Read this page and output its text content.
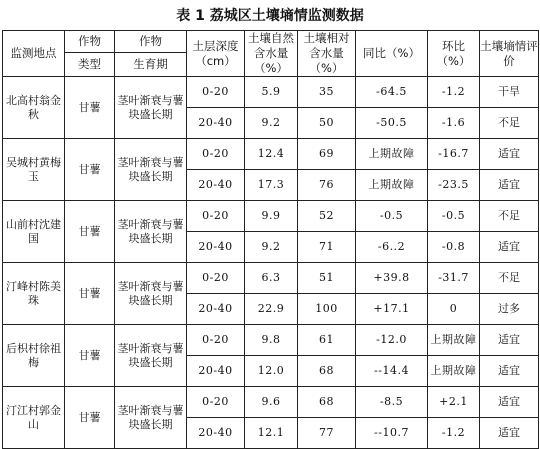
表 1 荔城区土壤墒情监测数据
监测地点	作物	作物	土层深度（cm）	土壤自然含水量（%）	土壤相对含水量（%）	同比（%）	环比（%）	土壤墒情评价
	类型	生育期						
北高村翁金秋	甘薯	茎叶渐衰与薯块盛长期	0-20	5.9	35	-64.5	-1.2	干旱
			20-40	9.2	50	-50.5	-1.6	不足
吴城村黄梅玉	甘薯	茎叶渐衰与薯块盛长期	0-20	12.4	69	上期故障	-16.7	适宜
			20-40	17.3	76	上期故障	-23.5	适宜
山前村沈建国	甘薯	茎叶渐衰与薯块盛长期	0-20	9.9	52	-0.5	-0.5	不足
			20-40	9.2	71	-6..2	-0.8	适宜
汀峰村陈美珠	甘薯	茎叶渐衰与薯块盛长期	0-20	6.3	51	+39.8	-31.7	不足
			20-40	22.9	100	+17.1	0	过多
后枳村徐祖梅	甘薯	茎叶渐衰与薯块盛长期	0-20	9.8	61	-12.0	上期故障	适宜
			20-40	12.0	68	--14.4	上期故障	适宜
汀江村郭金山	甘薯	茎叶渐衰与薯块盛长期	0-20	9.6	68	-8.5	+2.1	适宜
			20-40	12.1	77	--10.7	-1.2	适宜
